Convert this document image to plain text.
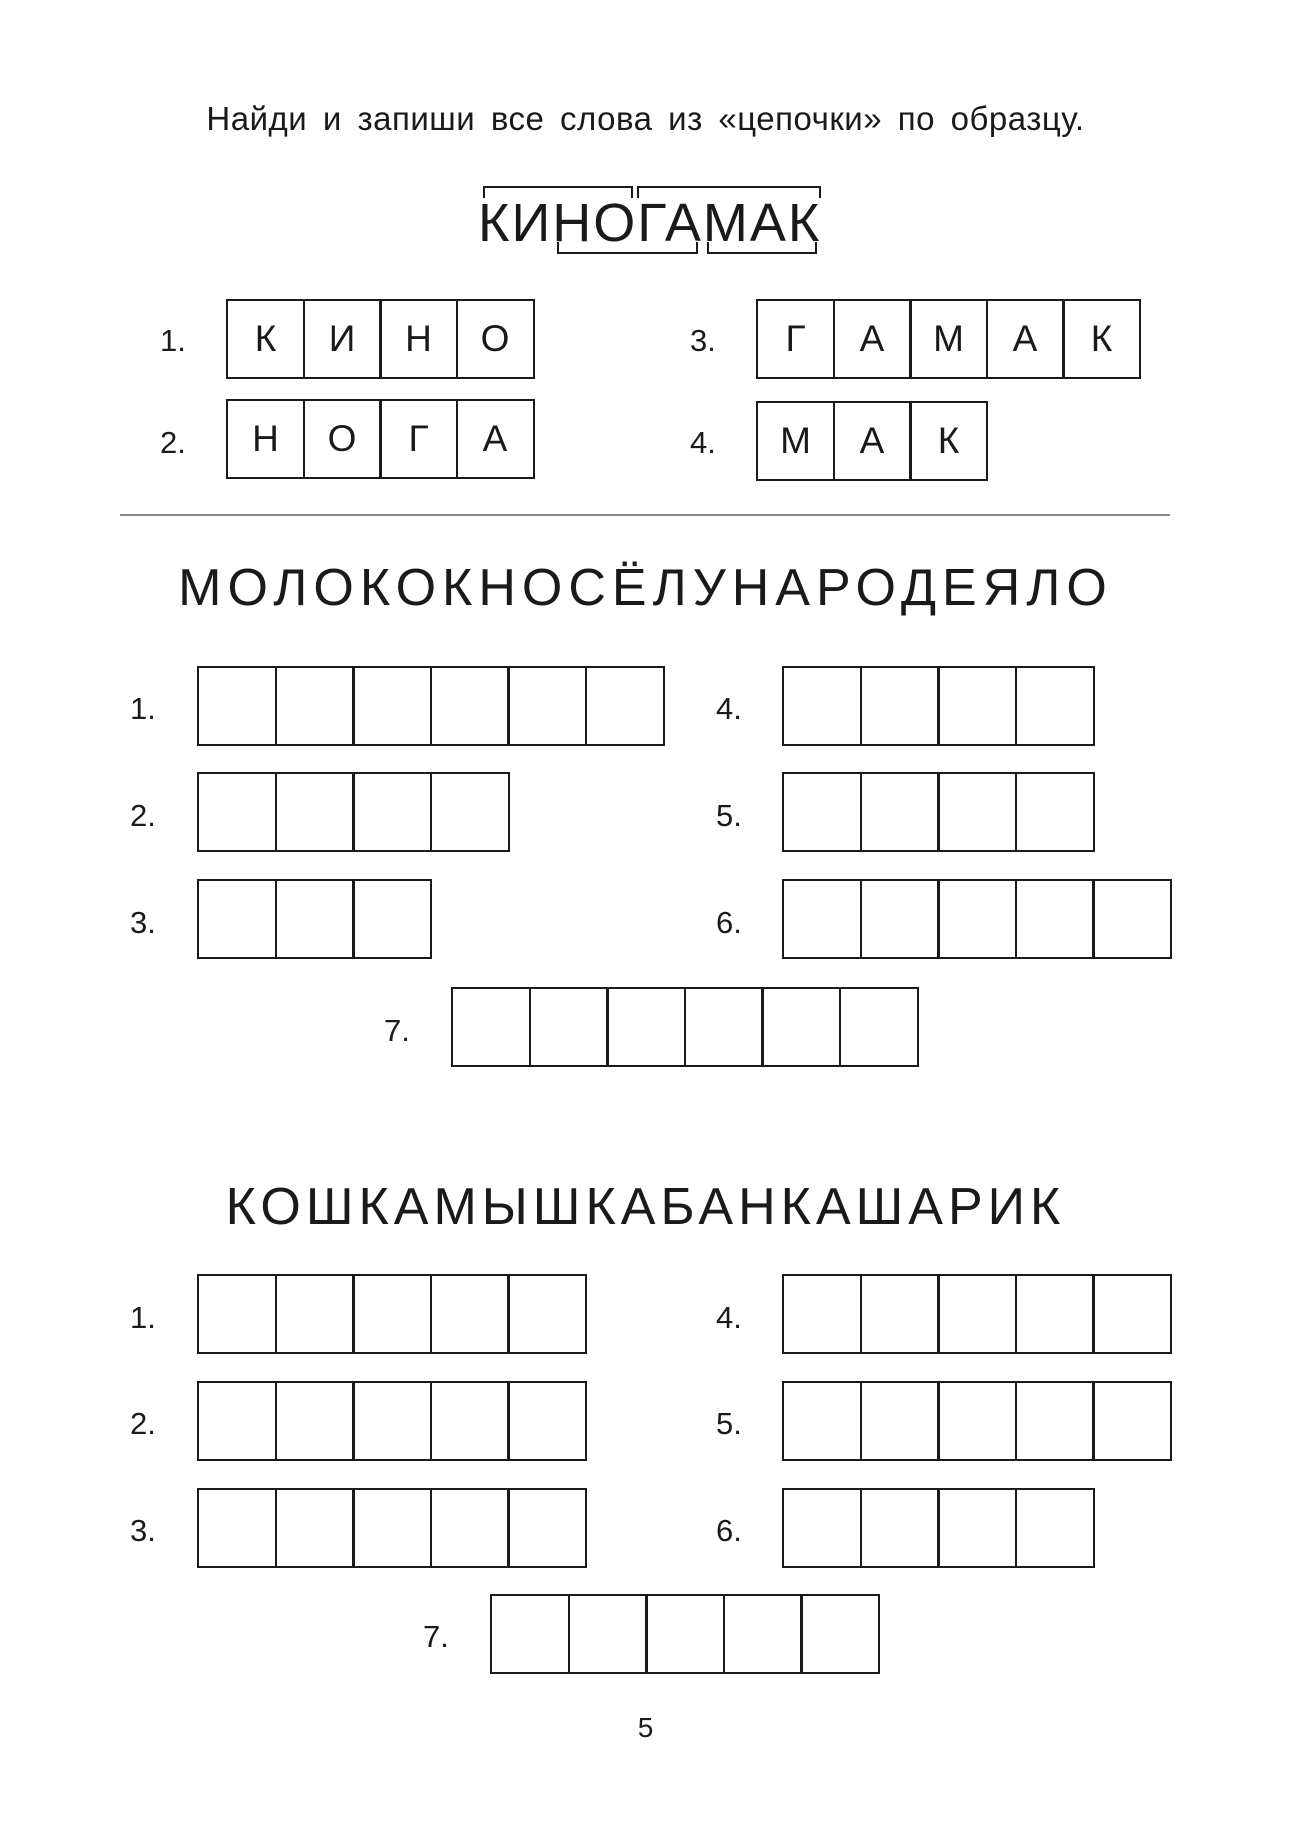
Найди и запиши все слова из «цепочки» по образцу.
КИНОГАМАК
1.	К	И	Н	О
2.	Н	О	Г	А
3.	Г	А	М	А	К
4.	М	А	К
МОЛОКОКНОСЁЛУНАРОДЕЯЛО
1.
2.
3.
4.
5.
6.
7.
КОШКАМЫШКАБАНКАШАРИК
1.
2.
3.
4.
5.
6.
7.
5
